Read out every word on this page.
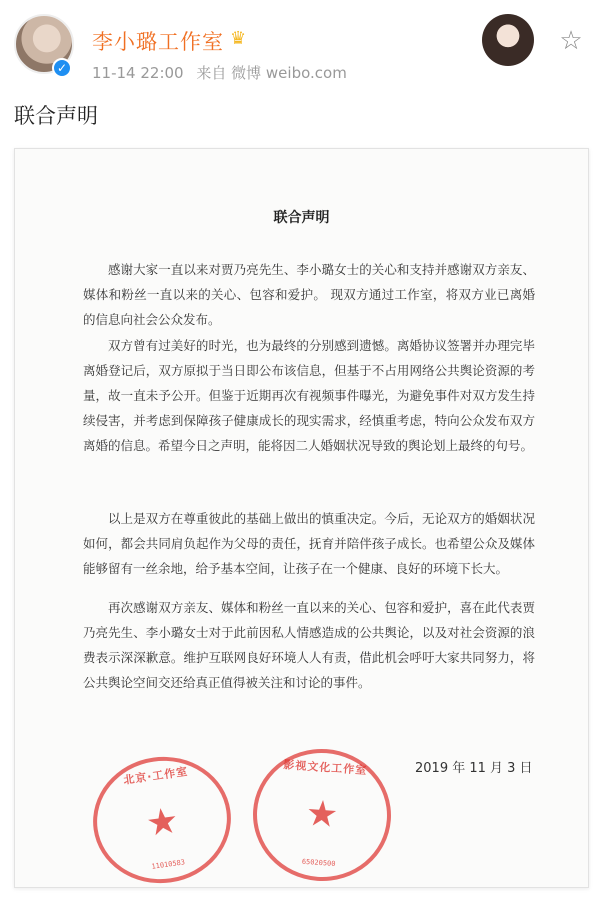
✓
李小璐工作室 ♛
11-14 22:00 来自 微博 weibo.com
☆
联合声明
联合声明
感谢大家一直以来对贾乃亮先生、李小璐女士的关心和支持并感谢双方亲友、媒体和粉丝一直以来的关心、包容和爱护。 现双方通过工作室，将双方业已离婚的信息向社会公众发布。
双方曾有过美好的时光，也为最终的分别感到遗憾。离婚协议签署并办理完毕离婚登记后，双方原拟于当日即公布该信息，但基于不占用网络公共舆论资源的考量，故一直未予公开。但鉴于近期再次有视频事件曝光，为避免事件对双方发生持续侵害，并考虑到保障孩子健康成长的现实需求，经慎重考虑，特向公众发布双方离婚的信息。希望今日之声明，能将因二人婚姻状况导致的舆论划上最终的句号。
以上是双方在尊重彼此的基础上做出的慎重决定。今后，无论双方的婚姻状况如何，都会共同肩负起作为父母的责任，抚育并陪伴孩子成长。也希望公众及媒体能够留有一丝余地，给予基本空间，让孩子在一个健康、良好的环境下长大。
再次感谢双方亲友、媒体和粉丝一直以来的关心、包容和爱护，喜在此代表贾乃亮先生、李小璐女士对于此前因私人情感造成的公共舆论，以及对社会资源的浪费表示深深歉意。维护互联网良好环境人人有责，借此机会呼吁大家共同努力，将公共舆论空间交还给真正值得被关注和讨论的事件。
2019 年 11 月 3 日
北京·工作室
★
11010583
影视文化工作室
★
65020500
